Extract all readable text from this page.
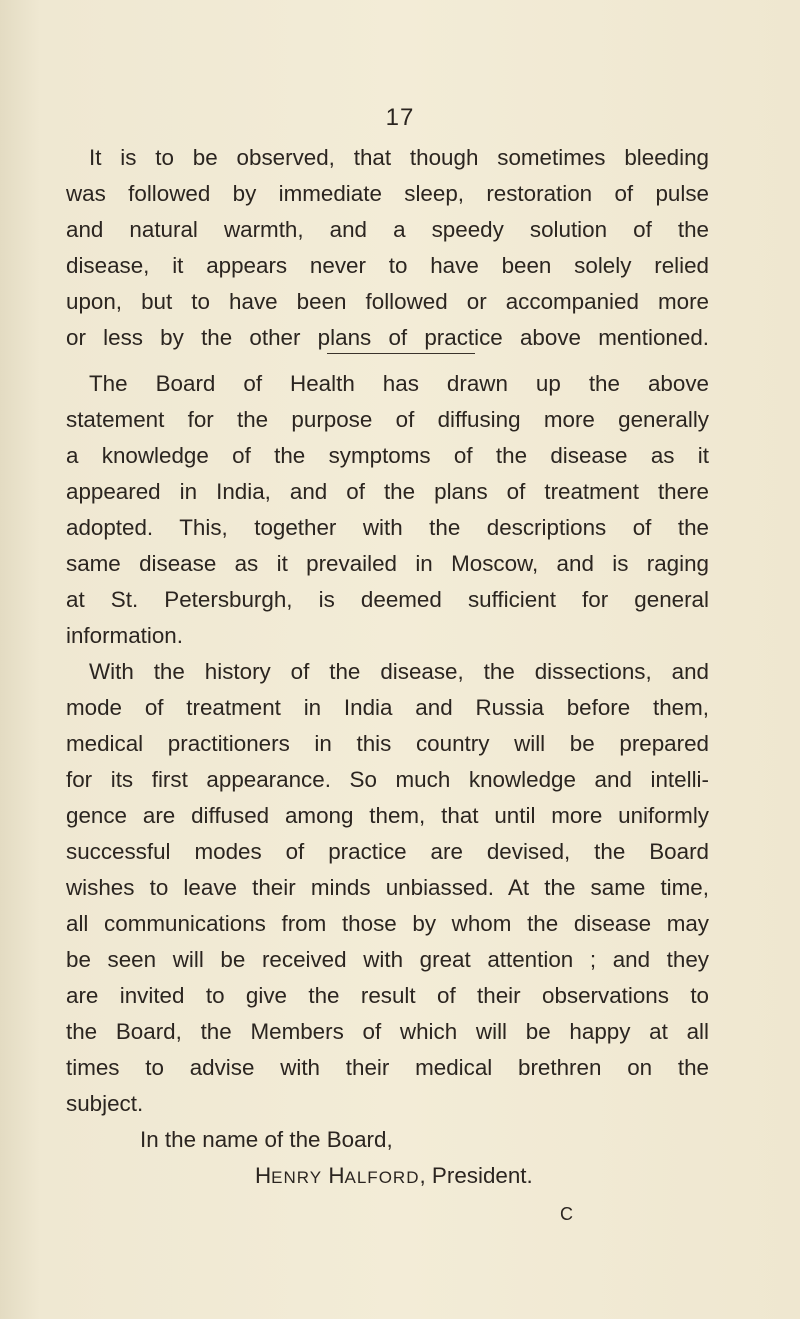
17
It is to be observed, that though sometimes bleeding
was followed by immediate sleep, restoration of pulse
and natural warmth, and a speedy solution of the
disease, it appears never to have been solely relied
upon, but to have been followed or accompanied more
or less by the other plans of practice above mentioned.
The Board of Health has drawn up the above
statement for the purpose of diffusing more generally
a knowledge of the symptoms of the disease as it
appeared in India, and of the plans of treatment there
adopted. This, together with the descriptions of the
same disease as it prevailed in Moscow, and is raging
at St. Petersburgh, is deemed sufficient for general
information.
With the history of the disease, the dissections, and
mode of treatment in India and Russia before them,
medical practitioners in this country will be prepared
for its first appearance. So much knowledge and intelli-
gence are diffused among them, that until more uniformly
successful modes of practice are devised, the Board
wishes to leave their minds unbiassed. At the same time,
all communications from those by whom the disease may
be seen will be received with great attention ; and they
are invited to give the result of their observations to
the Board, the Members of which will be happy at all
times to advise with their medical brethren on the
subject.
In the name of the Board,
HENRY HALFORD, President.
C
